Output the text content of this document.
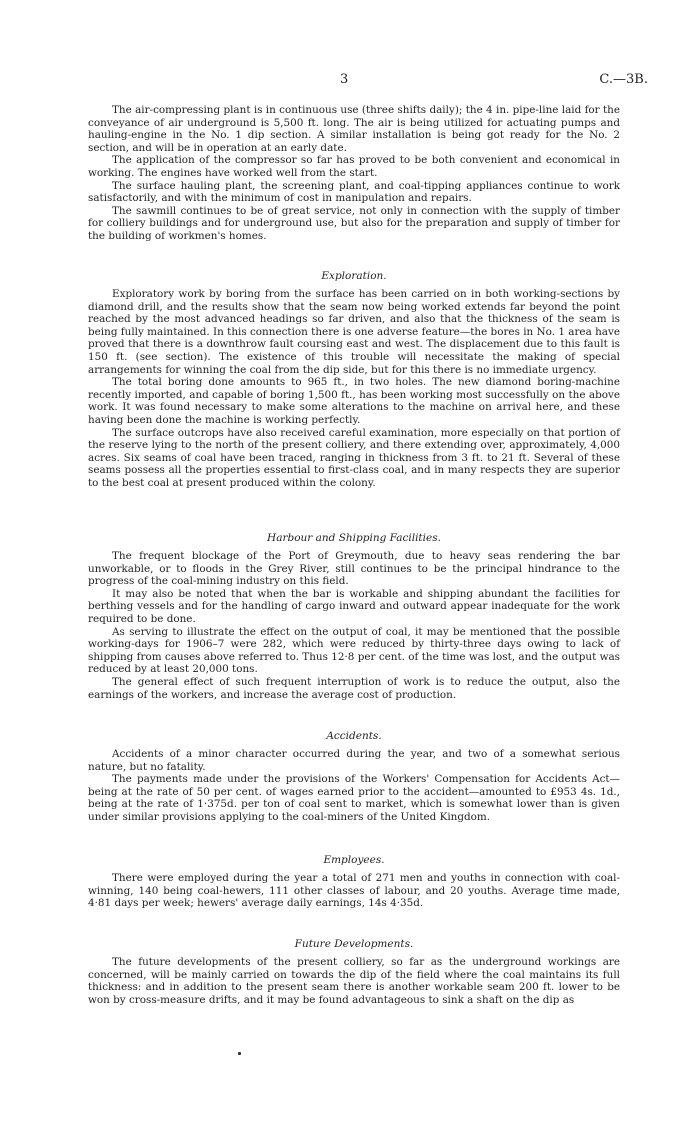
3	C.—3B.

The air-compressing plant is in continuous use (three shifts daily); the 4 in. pipe-line laid for the conveyance of air underground is 5,500 ft. long. The air is being utilized for actuating pumps and hauling-engine in the No. 1 dip section. A similar installation is being got ready for the No. 2 section, and will be in operation at an early date.

The application of the compressor so far has proved to be both convenient and economical in working. The engines have worked well from the start.

The surface hauling plant, the screening plant, and coal-tipping appliances continue to work satisfactorily, and with the minimum of cost in manipulation and repairs.

The sawmill continues to be of great service, not only in connection with the supply of timber for colliery buildings and for underground use, but also for the preparation and supply of timber for the building of workmen's homes.

Exploration.

Exploratory work by boring from the surface has been carried on in both working-sections by diamond drill, and the results show that the seam now being worked extends far beyond the point reached by the most advanced headings so far driven, and also that the thickness of the seam is being fully maintained. In this connection there is one adverse feature—the bores in No. 1 area have proved that there is a downthrow fault coursing east and west. The displacement due to this fault is 150 ft. (see section). The existence of this trouble will necessitate the making of special arrangements for winning the coal from the dip side, but for this there is no immediate urgency.

The total boring done amounts to 965 ft., in two holes. The new diamond boring-machine recently imported, and capable of boring 1,500 ft., has been working most successfully on the above work. It was found necessary to make some alterations to the machine on arrival here, and these having been done the machine is working perfectly.

The surface outcrops have also received careful examination, more especially on that portion of the reserve lying to the north of the present colliery, and there extending over, approximately, 4,000 acres. Six seams of coal have been traced, ranging in thickness from 3 ft. to 21 ft. Several of these seams possess all the properties essential to first-class coal, and in many respects they are superior to the best coal at present produced within the colony.

Harbour and Shipping Facilities.

The frequent blockage of the Port of Greymouth, due to heavy seas rendering the bar unworkable, or to floods in the Grey River, still continues to be the principal hindrance to the progress of the coal-mining industry on this field.

It may also be noted that when the bar is workable and shipping abundant the facilities for berthing vessels and for the handling of cargo inward and outward appear inadequate for the work required to be done.

As serving to illustrate the effect on the output of coal, it may be mentioned that the possible working-days for 1906–7 were 282, which were reduced by thirty-three days owing to lack of shipping from causes above referred to. Thus 12·8 per cent. of the time was lost, and the output was reduced by at least 20,000 tons.

The general effect of such frequent interruption of work is to reduce the output, also the earnings of the workers, and increase the average cost of production.

Accidents.

Accidents of a minor character occurred during the year, and two of a somewhat serious nature, but no fatality.

The payments made under the provisions of the Workers' Compensation for Accidents Act—being at the rate of 50 per cent. of wages earned prior to the accident—amounted to £953 4s. 1d., being at the rate of 1·375d. per ton of coal sent to market, which is somewhat lower than is given under similar provisions applying to the coal-miners of the United Kingdom.

Employees.

There were employed during the year a total of 271 men and youths in connection with coal-winning, 140 being coal-hewers, 111 other classes of labour, and 20 youths. Average time made, 4·81 days per week; hewers' average daily earnings, 14s 4·35d.

Future Developments.

The future developments of the present colliery, so far as the underground workings are concerned, will be mainly carried on towards the dip of the field where the coal maintains its full thickness: and in addition to the present seam there is another workable seam 200 ft. lower to be won by cross-measure drifts, and it may be found advantageous to sink a shaft on the dip as
